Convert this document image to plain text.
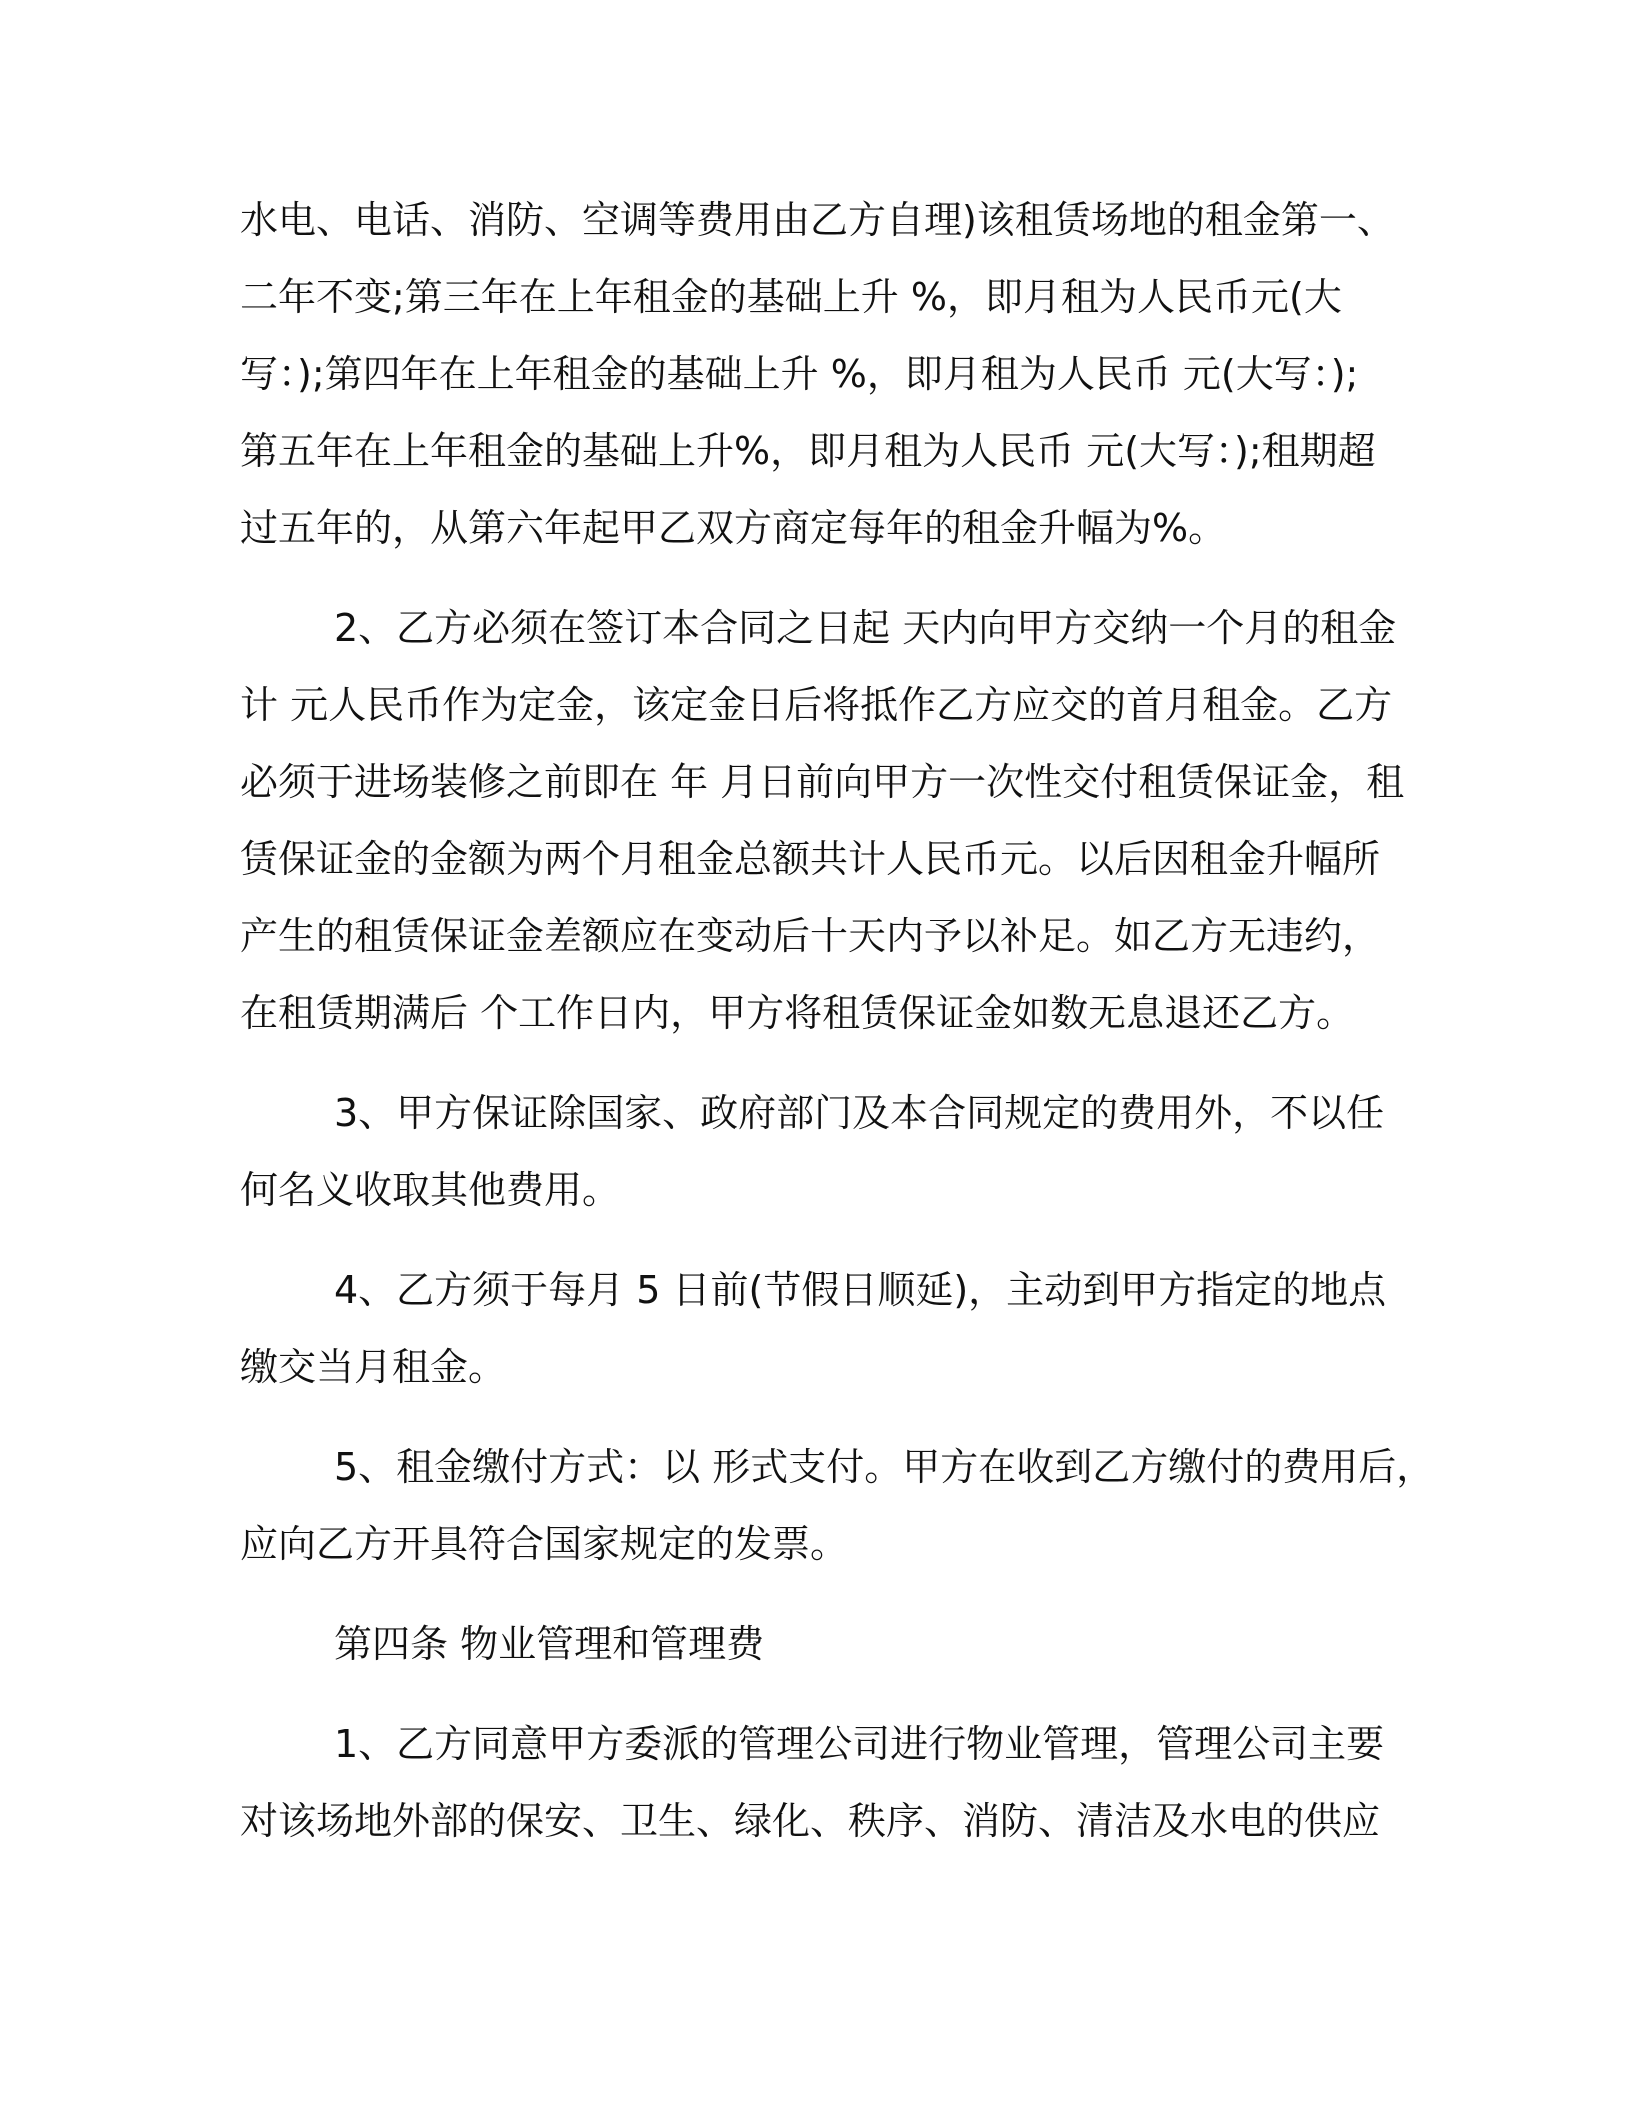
水电、电话、消防、空调等费用由乙方自理)该租赁场地的租金第一、
二年不变;第三年在上年租金的基础上升 %，即月租为人民币元(大
写：);第四年在上年租金的基础上升 %，即月租为人民币 元(大写：);
第五年在上年租金的基础上升%，即月租为人民币 元(大写：);租期超
过五年的，从第六年起甲乙双方商定每年的租金升幅为%。
2、乙方必须在签订本合同之日起 天内向甲方交纳一个月的租金
计 元人民币作为定金，该定金日后将抵作乙方应交的首月租金。乙方
必须于进场装修之前即在 年 月日前向甲方一次性交付租赁保证金，租
赁保证金的金额为两个月租金总额共计人民币元。以后因租金升幅所
产生的租赁保证金差额应在变动后十天内予以补足。如乙方无违约，
在租赁期满后 个工作日内，甲方将租赁保证金如数无息退还乙方。
3、甲方保证除国家、政府部门及本合同规定的费用外，不以任
何名义收取其他费用。
4、乙方须于每月 5 日前(节假日顺延)，主动到甲方指定的地点
缴交当月租金。
5、租金缴付方式：以 形式支付。甲方在收到乙方缴付的费用后，
应向乙方开具符合国家规定的发票。
第四条 物业管理和管理费
1、乙方同意甲方委派的管理公司进行物业管理，管理公司主要
对该场地外部的保安、卫生、绿化、秩序、消防、清洁及水电的供应
